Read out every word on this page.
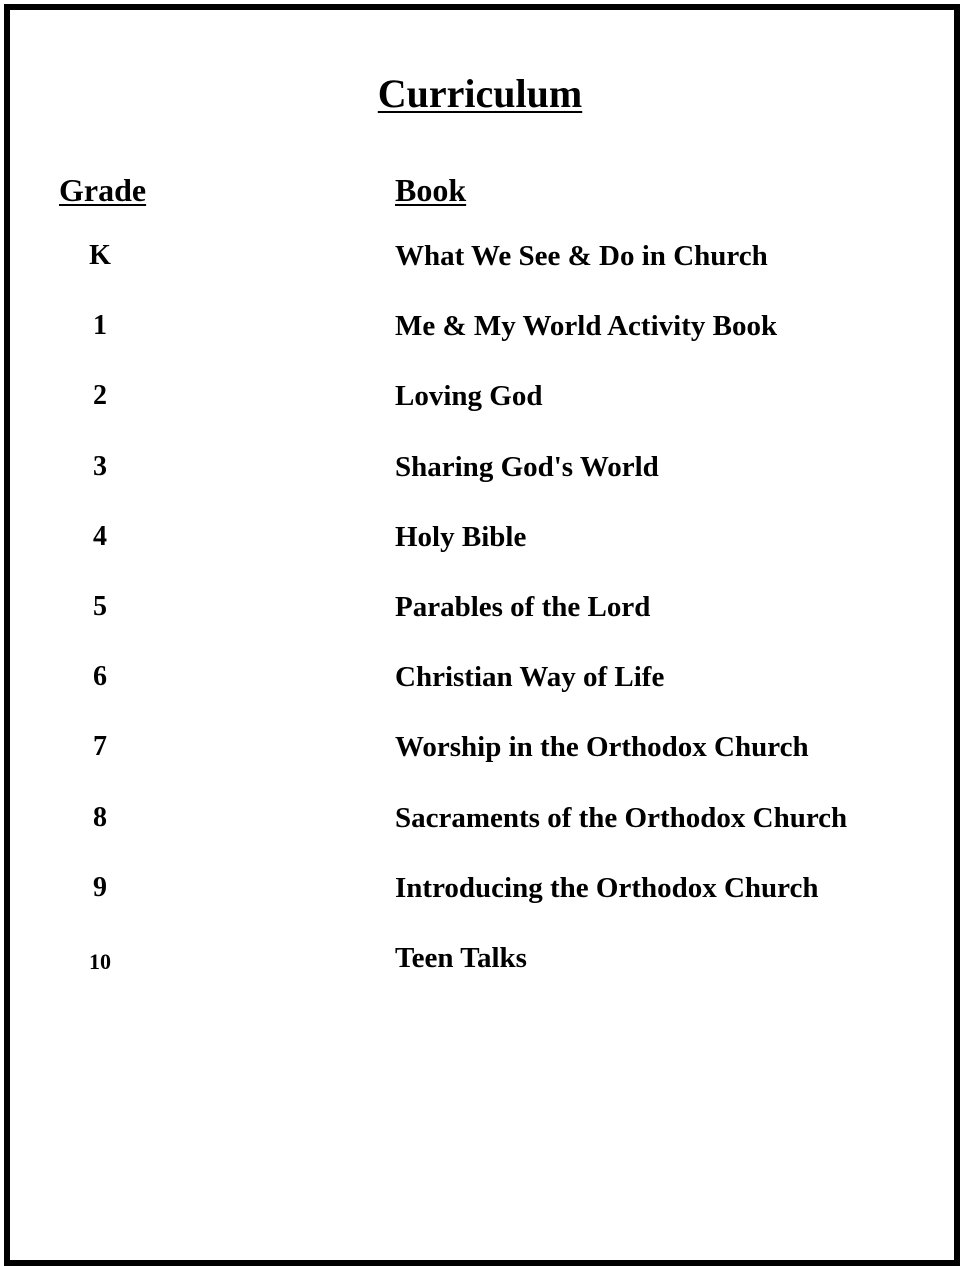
Curriculum
Grade	Book
K	What We See & Do in Church
1	Me & My World Activity Book
2	Loving God
3	Sharing God's World
4	Holy Bible
5	Parables of the Lord
6	Christian Way of Life
7	Worship in the Orthodox Church
8	Sacraments of the Orthodox Church
9	Introducing the Orthodox Church
10	Teen Talks
